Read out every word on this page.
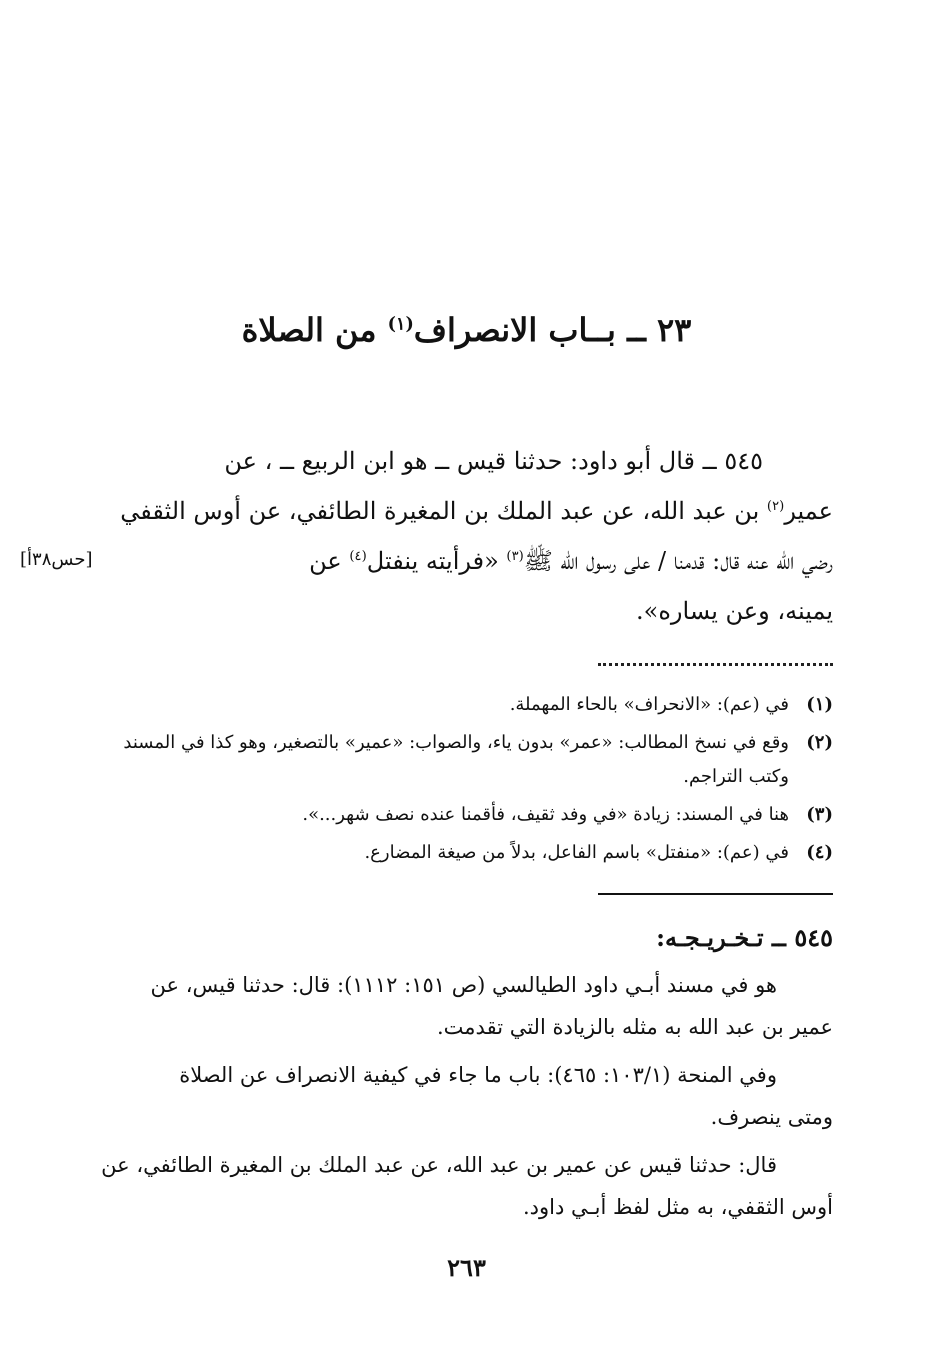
٢٣ ــ بــاب الانصراف$^{(١)}$ من الصلاة
٥٤٥ ــ قال أبو داود: حدثنا قيس ــ هو ابن الربيع ــ ، عن
عمير$^{(٢)}$ بن عبد الله، عن عبد الملك بن المغيرة الطائفي، عن أوس الثقفي
رضي الله عنه قال: قدمنا / على رسول الله ﷺ$^{(٣)}$ «فرأيته ينفتل$^{(٤)}$ عن
يمينه، وعن يساره».
[حس٣٨أ]
(١)
في (عم): «الانحراف» بالحاء المهملة.
(٢)
وقع في نسخ المطالب: «عمر» بدون ياء، والصواب: «عمير» بالتصغير، وهو كذا في المسند
وكتب التراجم.
(٣)
هنا في المسند: زيادة «في وفد ثقيف، فأقمنا عنده نصف شهر...».
(٤)
في (عم): «منفتل» باسم الفاعل، بدلاً من صيغة المضارع.
٥٤٥ ــ تـخـريـجـه:

هو في مسند أبـي داود الطيالسي (ص ١٥١: ١١١٢): قال: حدثنا قيس، عن
عمير بن عبد الله به مثله بالزيادة التي تقدمت.

وفي المنحة (١٠٣/١: ٤٦٥): باب ما جاء في كيفية الانصراف عن الصلاة
ومتى ينصرف.

قال: حدثنا قيس عن عمير بن عبد الله، عن عبد الملك بن المغيرة الطائفي، عن
أوس الثقفي، به مثل لفظ أبـي داود.

٢٦٣
